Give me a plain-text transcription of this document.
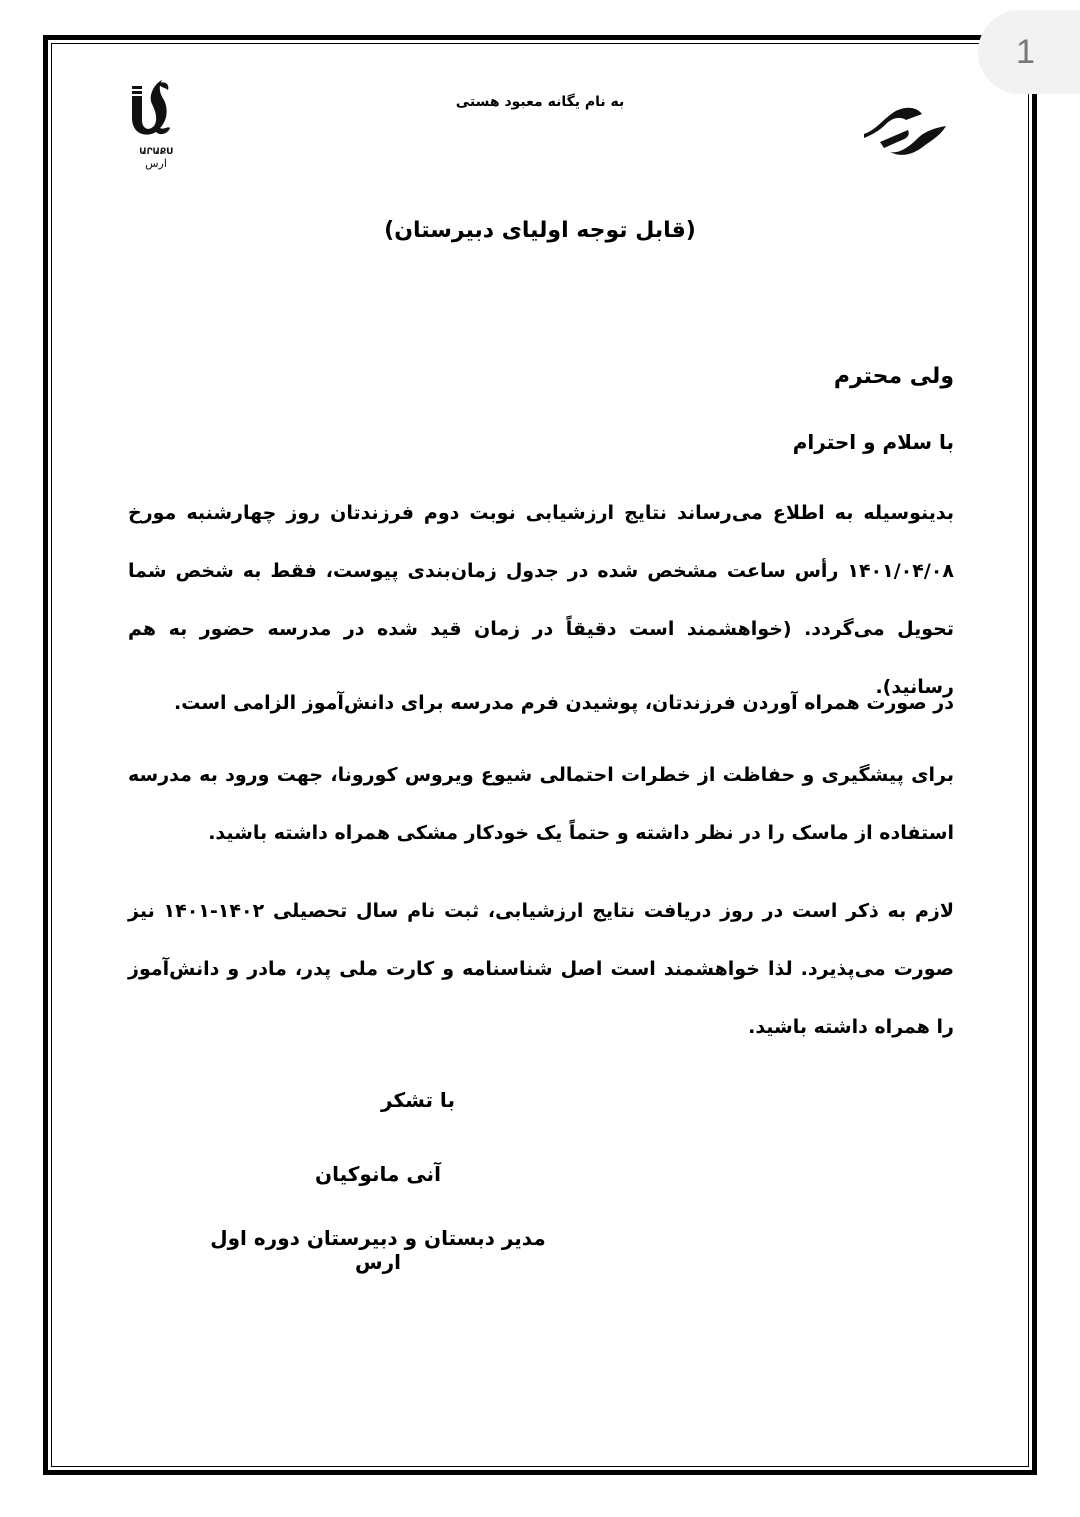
1
ԱՐԱՔՍ
ارس
به نام یگانه معبود هستی
(قابل توجه اولیای دبیرستان)
ولی محترم
با سلام و احترام
بدینوسیله به اطلاع می‌رساند نتایج ارزشیابی نوبت دوم فرزندتان روز چهارشنبه مورخ ۱۴۰۱/۰۴/۰۸ رأس ساعت مشخص شده در جدول زمان‌بندی پیوست، فقط به شخص شما تحویل می‌گردد. (خواهشمند است دقیقاً در زمان قید شده در مدرسه حضور به هم رسانید).
در صورت همراه آوردن فرزندتان، پوشیدن فرم مدرسه برای دانش‌آموز الزامی است.
برای پیشگیری و حفاظت از خطرات احتمالی شیوع ویروس کورونا، جهت ورود به مدرسه استفاده از ماسک را در نظر داشته و حتماً یک خودکار مشکی همراه داشته باشید.
لازم به ذکر است در روز دریافت نتایج ارزشیابی، ثبت نام سال تحصیلی ۱۴۰۲-۱۴۰۱ نیز صورت می‌پذیرد. لذا خواهشمند است اصل شناسنامه و کارت ملی پدر، مادر و دانش‌آموز را همراه داشته باشید.
با تشکر
آنی مانوکیان
مدیر دبستان و دبیرستان دوره اول ارس
